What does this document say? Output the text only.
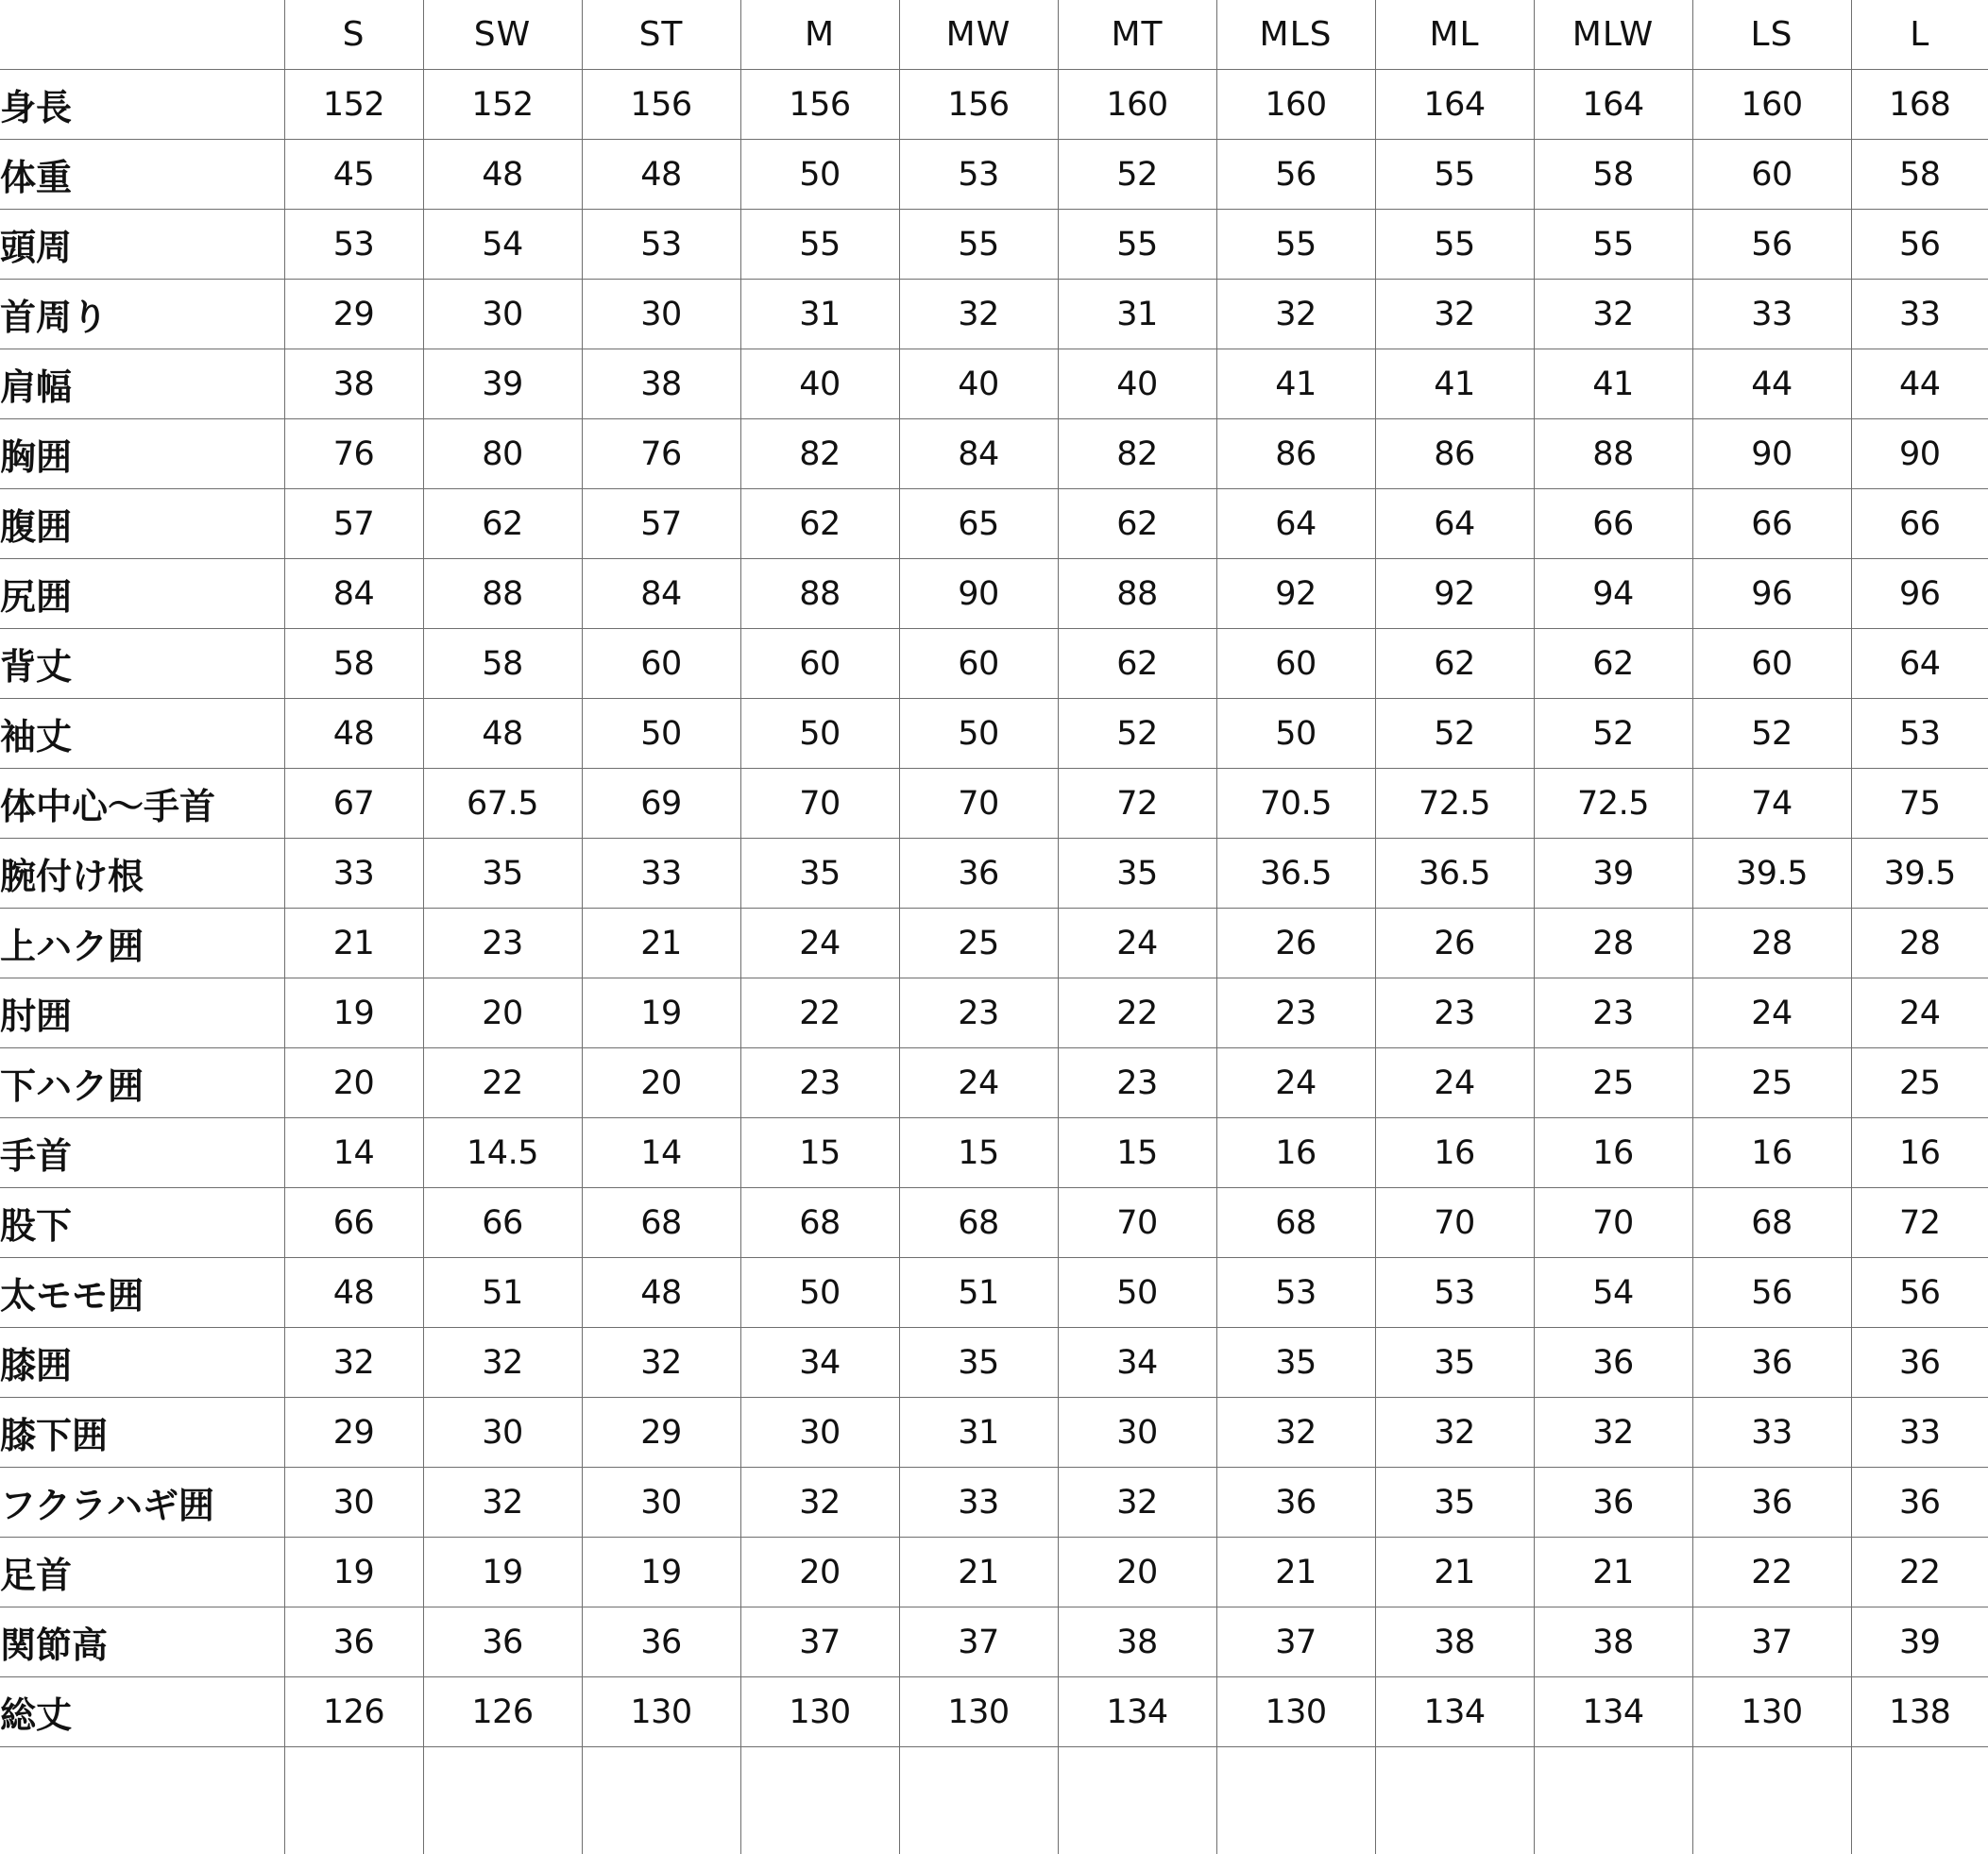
	S	SW	ST	M	MW	MT	MLS	ML	MLW	LS	L
身長	152	152	156	156	156	160	160	164	164	160	168
体重	45	48	48	50	53	52	56	55	58	60	58
頭周	53	54	53	55	55	55	55	55	55	56	56
首周り	29	30	30	31	32	31	32	32	32	33	33
肩幅	38	39	38	40	40	40	41	41	41	44	44
胸囲	76	80	76	82	84	82	86	86	88	90	90
腹囲	57	62	57	62	65	62	64	64	66	66	66
尻囲	84	88	84	88	90	88	92	92	94	96	96
背丈	58	58	60	60	60	62	60	62	62	60	64
袖丈	48	48	50	50	50	52	50	52	52	52	53
体中心～手首	67	67.5	69	70	70	72	70.5	72.5	72.5	74	75
腕付け根	33	35	33	35	36	35	36.5	36.5	39	39.5	39.5
上ハク囲	21	23	21	24	25	24	26	26	28	28	28
肘囲	19	20	19	22	23	22	23	23	23	24	24
下ハク囲	20	22	20	23	24	23	24	24	25	25	25
手首	14	14.5	14	15	15	15	16	16	16	16	16
股下	66	66	68	68	68	70	68	70	70	68	72
太モモ囲	48	51	48	50	51	50	53	53	54	56	56
膝囲	32	32	32	34	35	34	35	35	36	36	36
膝下囲	29	30	29	30	31	30	32	32	32	33	33
フクラハギ囲	30	32	30	32	33	32	36	35	36	36	36
足首	19	19	19	20	21	20	21	21	21	22	22
関節高	36	36	36	37	37	38	37	38	38	37	39
総丈	126	126	130	130	130	134	130	134	134	130	138
